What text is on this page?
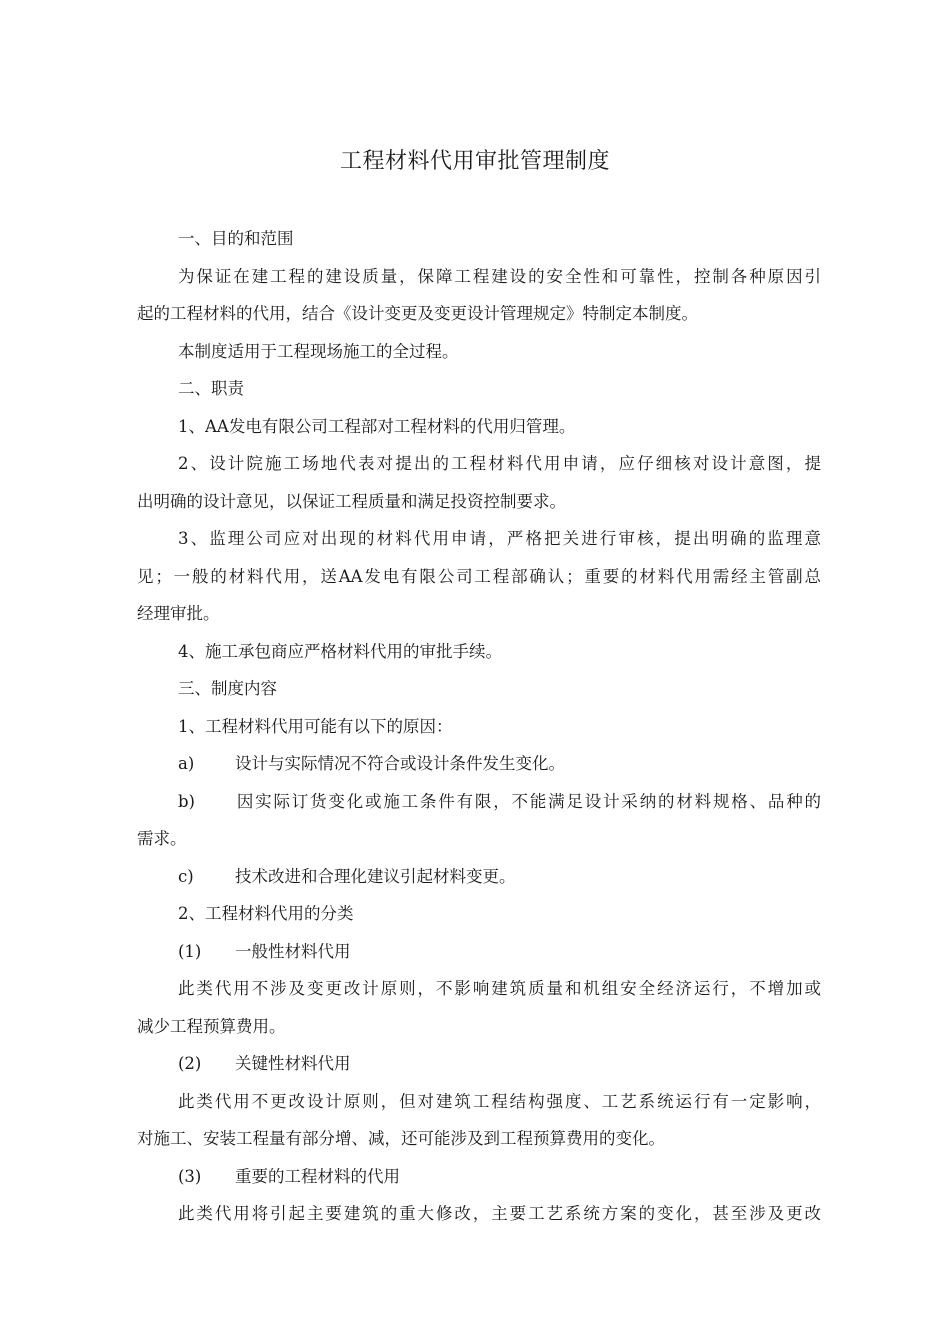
工程材料代用审批管理制度
一、目的和范围
为保证在建工程的建设质量，保障工程建设的安全性和可靠性，控制各种原因引
起的工程材料的代用，结合《设计变更及变更设计管理规定》特制定本制度。
本制度适用于工程现场施工的全过程。
二、职责
1、AA发电有限公司工程部对工程材料的代用归管理。
2、设计院施工场地代表对提出的工程材料代用申请，应仔细核对设计意图，提
出明确的设计意见，以保证工程质量和满足投资控制要求。
3、监理公司应对出现的材料代用申请，严格把关进行审核，提出明确的监理意
见；一般的材料代用，送AA发电有限公司工程部确认；重要的材料代用需经主管副总
经理审批。
4、施工承包商应严格材料代用的审批手续。
三、制度内容
1、工程材料代用可能有以下的原因：
a) 设计与实际情况不符合或设计条件发生变化。
b) 因实际订货变化或施工条件有限，不能满足设计采纳的材料规格、品种的
需求。
c)	技术改进和合理化建议引起材料变更。
2、工程材料代用的分类
(1) 一般性材料代用
此类代用不涉及变更改计原则，不影响建筑质量和机组安全经济运行，不增加或
减少工程预算费用。
(2) 关键性材料代用
此类代用不更改设计原则，但对建筑工程结构强度、工艺系统运行有一定影响，
对施工、安装工程量有部分增、减，还可能涉及到工程预算费用的变化。
(3) 重要的工程材料的代用
此类代用将引起主要建筑的重大修改，主要工艺系统方案的变化，甚至涉及更改
